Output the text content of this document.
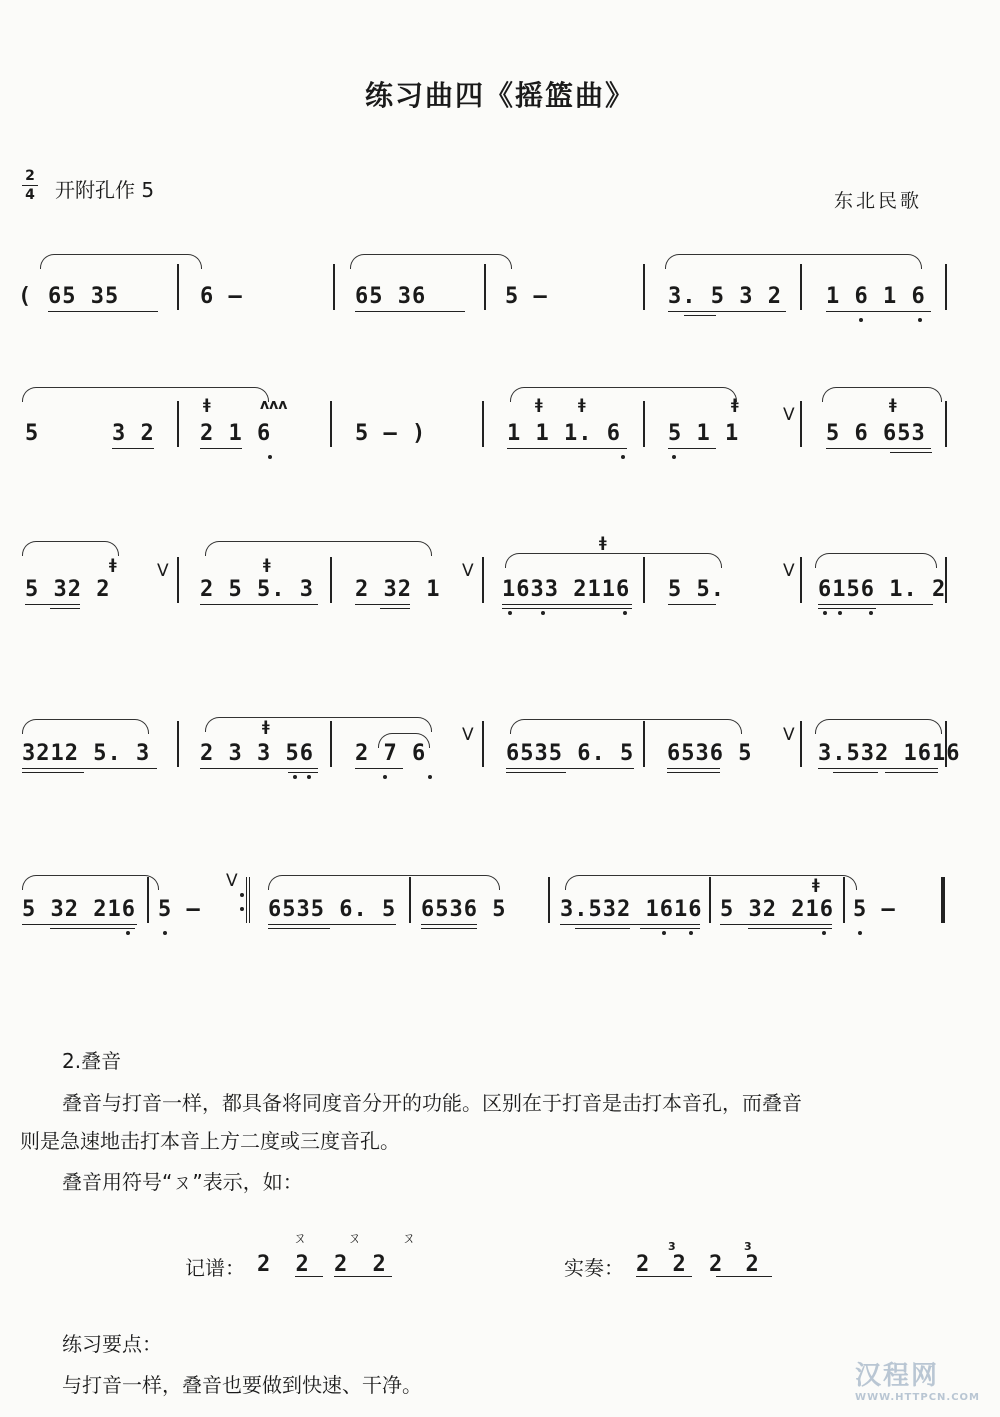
练习曲四《摇篮曲》
2
4 开附孔作 5	东北民歌
( 65 35	6 –	65 36	5 –	3. 5 3 2 1 6 1 6
5	3 2 2 1 6	5 – )	1 1 1. 6 5 1 1
V
5 6 653
ǂ	ʌʌʌ	ǂ	ǂ	ǂ	ǂ
5 32 2
V
2 5 5. 3 2 32 1
V
1633 2116 5 5.
V
6156 1. 2
ǂ	ǂ
ǂ
3212 5. 3 2 3 3 56 2 7 6
V
6535 6. 5 6536 5
V
3.532 1616
ǂ
5 32 216 5 –
V
6535 6. 5 6536 5 3.532 1616 5 32 216 5 –
ǂ
2.叠音
叠音与打音一样，都具备将同度音分开的功能。区别在于打音是击打本音孔，而叠音
则是急速地击打本音上方二度或三度音孔。
叠音用符号“ㄡ”表示，如：
记谱：
ㄡ ㄡ ㄡ
2 2 2 2	实奏： 2 2 2 2
3	3
练习要点：
与打音一样，叠音也要做到快速、干净。	汉程网
WWW.HTTPCN.COM
